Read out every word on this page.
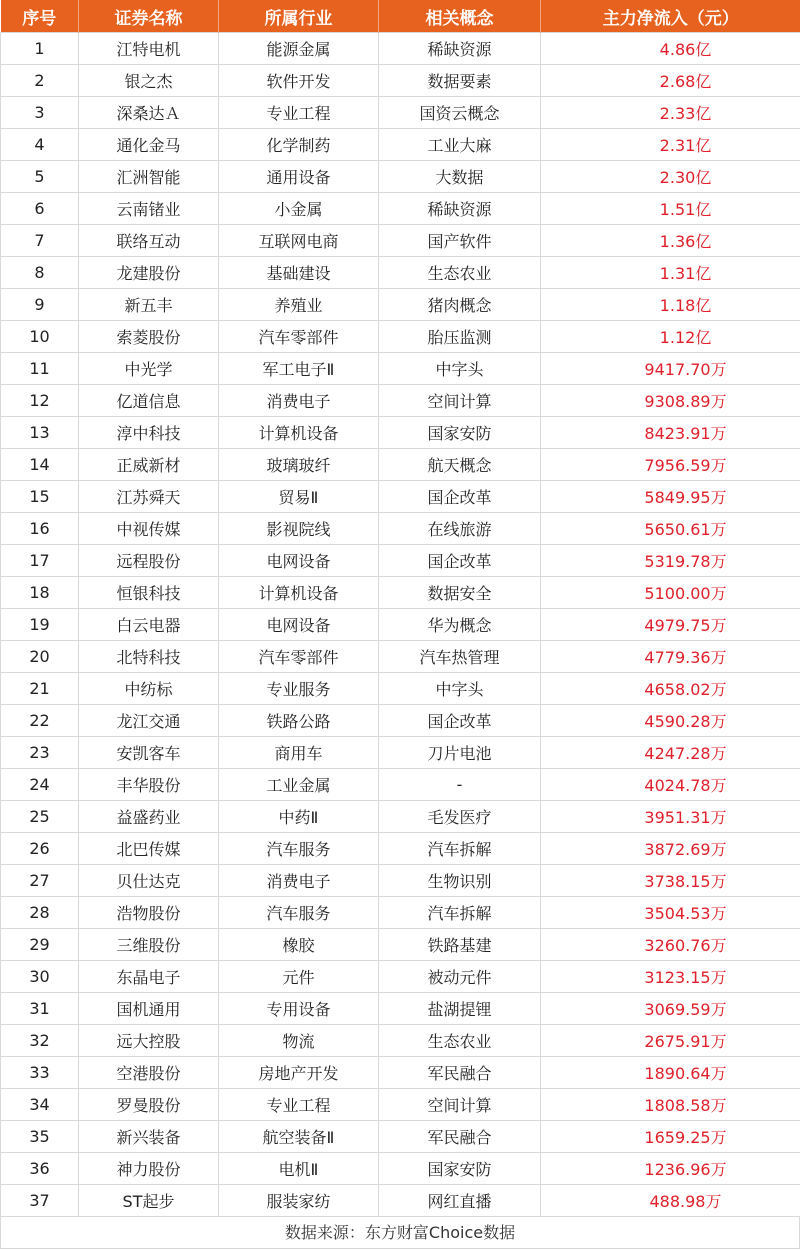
序号	证券名称	所属行业	相关概念	主力净流入（元）
1	江特电机	能源金属	稀缺资源	4.86亿
2	银之杰	软件开发	数据要素	2.68亿
3	深桑达Ａ	专业工程	国资云概念	2.33亿
4	通化金马	化学制药	工业大麻	2.31亿
5	汇洲智能	通用设备	大数据	2.30亿
6	云南锗业	小金属	稀缺资源	1.51亿
7	联络互动	互联网电商	国产软件	1.36亿
8	龙建股份	基础建设	生态农业	1.31亿
9	新五丰	养殖业	猪肉概念	1.18亿
10	索菱股份	汽车零部件	胎压监测	1.12亿
11	中光学	军工电子Ⅱ	中字头	9417.70万
12	亿道信息	消费电子	空间计算	9308.89万
13	淳中科技	计算机设备	国家安防	8423.91万
14	正威新材	玻璃玻纤	航天概念	7956.59万
15	江苏舜天	贸易Ⅱ	国企改革	5849.95万
16	中视传媒	影视院线	在线旅游	5650.61万
17	远程股份	电网设备	国企改革	5319.78万
18	恒银科技	计算机设备	数据安全	5100.00万
19	白云电器	电网设备	华为概念	4979.75万
20	北特科技	汽车零部件	汽车热管理	4779.36万
21	中纺标	专业服务	中字头	4658.02万
22	龙江交通	铁路公路	国企改革	4590.28万
23	安凯客车	商用车	刀片电池	4247.28万
24	丰华股份	工业金属	-	4024.78万
25	益盛药业	中药Ⅱ	毛发医疗	3951.31万
26	北巴传媒	汽车服务	汽车拆解	3872.69万
27	贝仕达克	消费电子	生物识别	3738.15万
28	浩物股份	汽车服务	汽车拆解	3504.53万
29	三维股份	橡胶	铁路基建	3260.76万
30	东晶电子	元件	被动元件	3123.15万
31	国机通用	专用设备	盐湖提锂	3069.59万
32	远大控股	物流	生态农业	2675.91万
33	空港股份	房地产开发	军民融合	1890.64万
34	罗曼股份	专业工程	空间计算	1808.58万
35	新兴装备	航空装备Ⅱ	军民融合	1659.25万
36	神力股份	电机Ⅱ	国家安防	1236.96万
37	ST起步	服装家纺	网红直播	488.98万
数据来源：东方财富Choice数据
